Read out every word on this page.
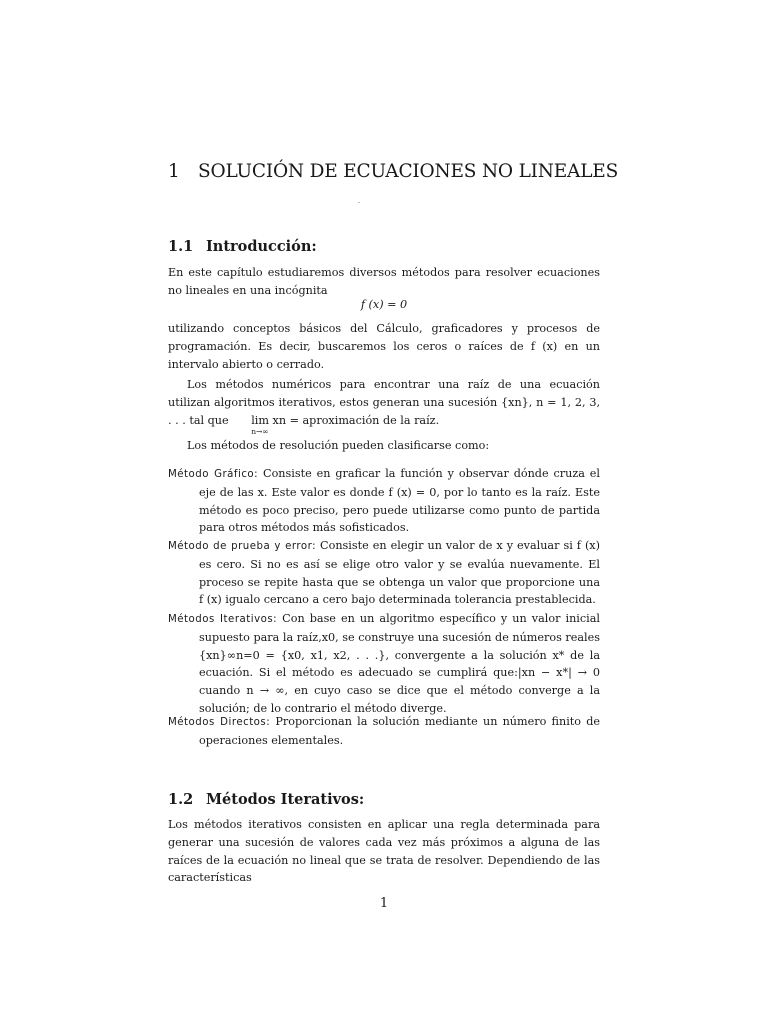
1 SOLUCIÓN DE ECUACIONES NO LINEALES
1.1 Introducción:

En este capítulo estudiaremos diversos métodos para resolver ecuaciones no lineales en una incógnita

f (x) = 0

utilizando conceptos básicos del Cálculo, graficadores y procesos de programación. Es decir, buscaremos los ceros o raíces de f (x) en un intervalo abierto o cerrado.

Los métodos numéricos para encontrar una raíz de una ecuación utilizan algoritmos iterativos, estos generan una sucesión {xn}, n = 1, 2, 3, . . . tal que lim
n→∞
xn = aproximación de la raíz.

Los métodos de resolución pueden clasificarse como:

Método Gráfico: Consiste en graficar la función y observar dónde cruza el eje de las x. Este valor es donde f (x) = 0, por lo tanto es la raíz. Este método es poco preciso, pero puede utilizarse como punto de partida para otros métodos más sofisticados.

Método de prueba y error: Consiste en elegir un valor de x y evaluar si f (x) es cero. Si no es así se elige otro valor y se evalúa nuevamente. El proceso se repite hasta que se obtenga un valor que proporcione una f (x) igualo cercano a cero bajo determinada tolerancia prestablecida.

Métodos Iterativos: Con base en un algoritmo específico y un valor inicial supuesto para la raíz,x0, se construye una sucesión de números reales {xn}∞n=0 = {x0, x1, x2, . . .}, convergente a la solución x* de la ecuación. Si el método es adecuado se cumplirá que:|xn − x*| → 0 cuando n → ∞, en cuyo caso se dice que el método converge a la solución; de lo contrario el método diverge.

Métodos Directos: Proporcionan la solución mediante un número finito de operaciones elementales.

1.2 Métodos Iterativos:

Los métodos iterativos consisten en aplicar una regla determinada para generar una sucesión de valores cada vez más próximos a alguna de las raíces de la ecuación no lineal que se trata de resolver. Dependiendo de las características

1
